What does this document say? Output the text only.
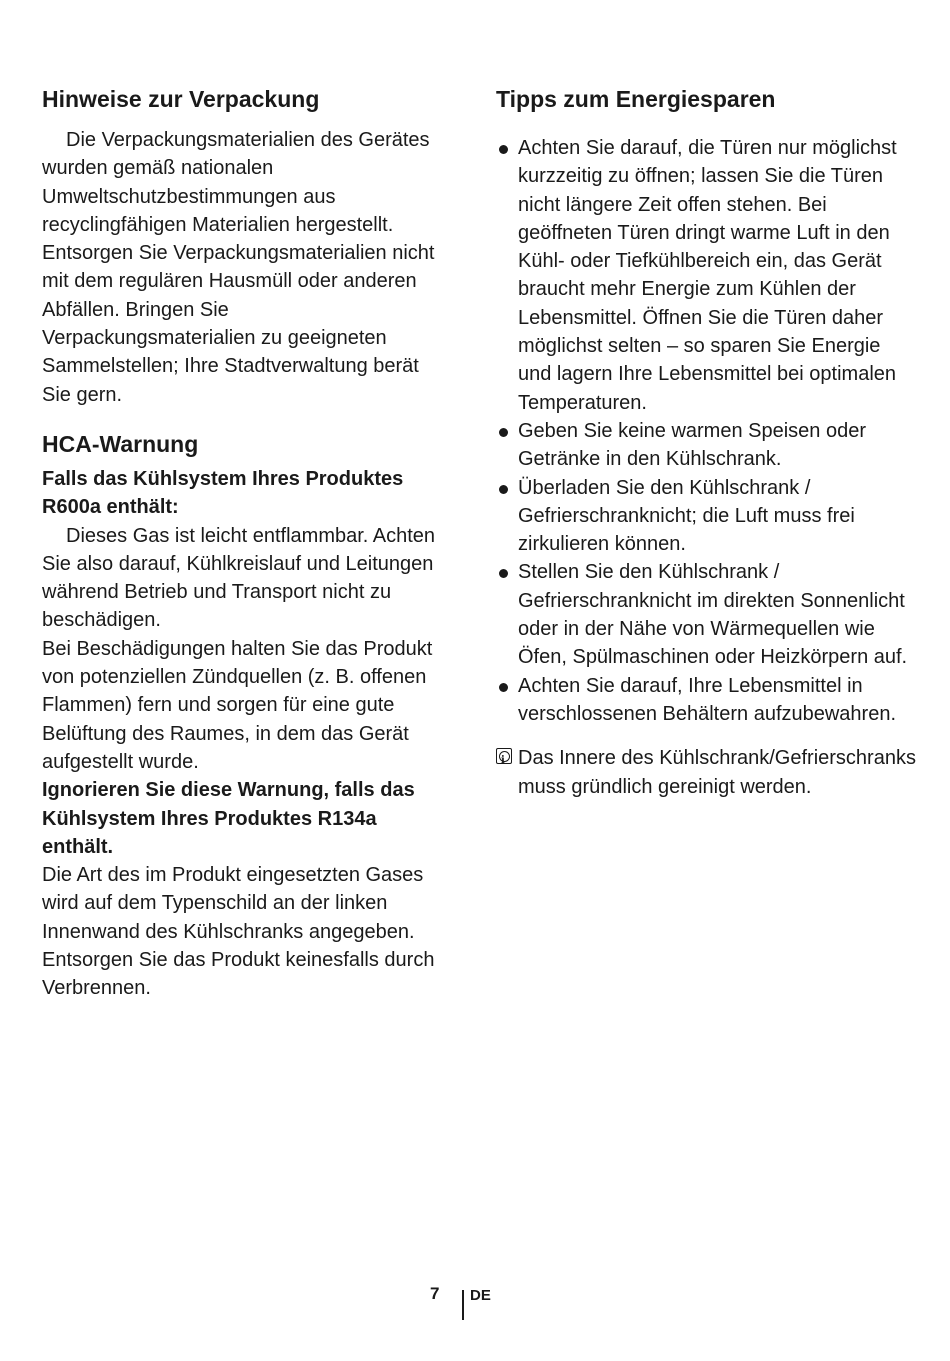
Hinweise zur Verpackung

Die Verpackungsmaterialien des Gerätes wurden gemäß nationalen Umweltschutzbestimmungen aus recyclingfähigen Materialien hergestellt. Entsorgen Sie Verpackungsmaterialien nicht mit dem regulären Hausmüll oder anderen Abfällen. Bringen Sie Verpackungsmaterialien zu geeigneten Sammelstellen; Ihre Stadtverwaltung berät Sie gern.

HCA-Warnung

Falls das Kühlsystem Ihres Produktes R600a enthält:

Dieses Gas ist leicht entflammbar. Achten Sie also darauf, Kühlkreislauf und Leitungen während Betrieb und Transport nicht zu beschädigen.

Bei Beschädigungen halten Sie das Produkt von potenziellen Zündquellen (z. B. offenen Flammen) fern und sorgen für eine gute Belüftung des Raumes, in dem das Gerät aufgestellt wurde.

Ignorieren Sie diese Warnung, falls das Kühlsystem Ihres Produktes R134a enthält.

Die Art des im Produkt eingesetzten Gases wird auf dem Typenschild an der linken Innenwand des Kühlschranks angegeben.

Entsorgen Sie das Produkt keinesfalls durch Verbrennen.

Tipps zum Energiesparen
Achten Sie darauf, die Türen nur möglichst kurzzeitig zu öffnen; lassen Sie die Türen nicht längere Zeit offen stehen. Bei geöffneten Türen dringt warme Luft in den Kühl- oder Tiefkühlbereich ein, das Gerät braucht mehr Energie zum Kühlen der Lebensmittel. Öffnen Sie die Türen daher möglichst selten – so sparen Sie Energie und lagern Ihre Lebensmittel bei optimalen Temperaturen.
Geben Sie keine warmen Speisen oder Getränke in den Kühlschrank.
Überladen Sie den Kühlschrank / Gefrierschranknicht; die Luft muss frei zirkulieren können.
Stellen Sie den Kühlschrank / Gefrierschranknicht im direkten Sonnenlicht oder in der Nähe von Wärmequellen wie Öfen, Spülmaschinen oder Heizkörpern auf.
Achten Sie darauf, Ihre Lebensmittel in verschlossenen Behältern aufzubewahren.
i
Das Innere des Kühlschrank/Gefrierschranks muss gründlich gereinigt werden.
7 DE
